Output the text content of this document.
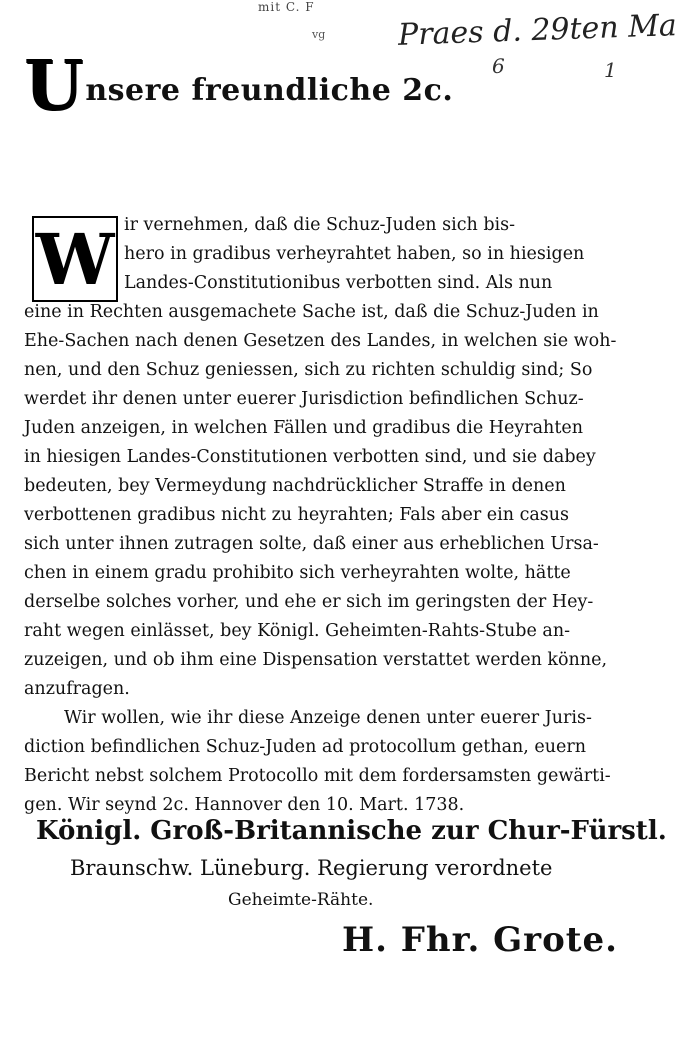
mit C. F
vg Praes d. 29ten Ma
6	1
U nsere freundliche 2c.
W ir vernehmen, daß die Schuz-Juden sich bis-
hero in gradibus verheyrahtet haben, so in hiesigen
Landes-Constitutionibus verbotten sind. Als nun
eine in Rechten ausgemachete Sache ist, daß die Schuz-Juden in
Ehe-Sachen nach denen Gesetzen des Landes, in welchen sie woh-
nen, und den Schuz geniessen, sich zu richten schuldig sind; So
werdet ihr denen unter euerer Jurisdiction befindlichen Schuz-
Juden anzeigen, in welchen Fällen und gradibus die Heyrahten
in hiesigen Landes-Constitutionen verbotten sind, und sie dabey
bedeuten, bey Vermeydung nachdrücklicher Straffe in denen
verbottenen gradibus nicht zu heyrahten; Fals aber ein casus
sich unter ihnen zutragen solte, daß einer aus erheblichen Ursa-
chen in einem gradu prohibito sich verheyrahten wolte, hätte
derselbe solches vorher, und ehe er sich im geringsten der Hey-
raht wegen einlässet, bey Königl. Geheimten-Rahts-Stube an-
zuzeigen, und ob ihm eine Dispensation verstattet werden könne,
anzufragen.
Wir wollen, wie ihr diese Anzeige denen unter euerer Juris-
diction befindlichen Schuz-Juden ad protocollum gethan, euern
Bericht nebst solchem Protocollo mit dem fordersamsten gewärti-
gen. Wir seynd 2c. Hannover den 10. Mart. 1738.
Königl. Groß-Britannische zur Chur-Fürstl.
Braunschw. Lüneburg. Regierung verordnete
Geheimte-Rähte.
H. Fhr. Grote.
